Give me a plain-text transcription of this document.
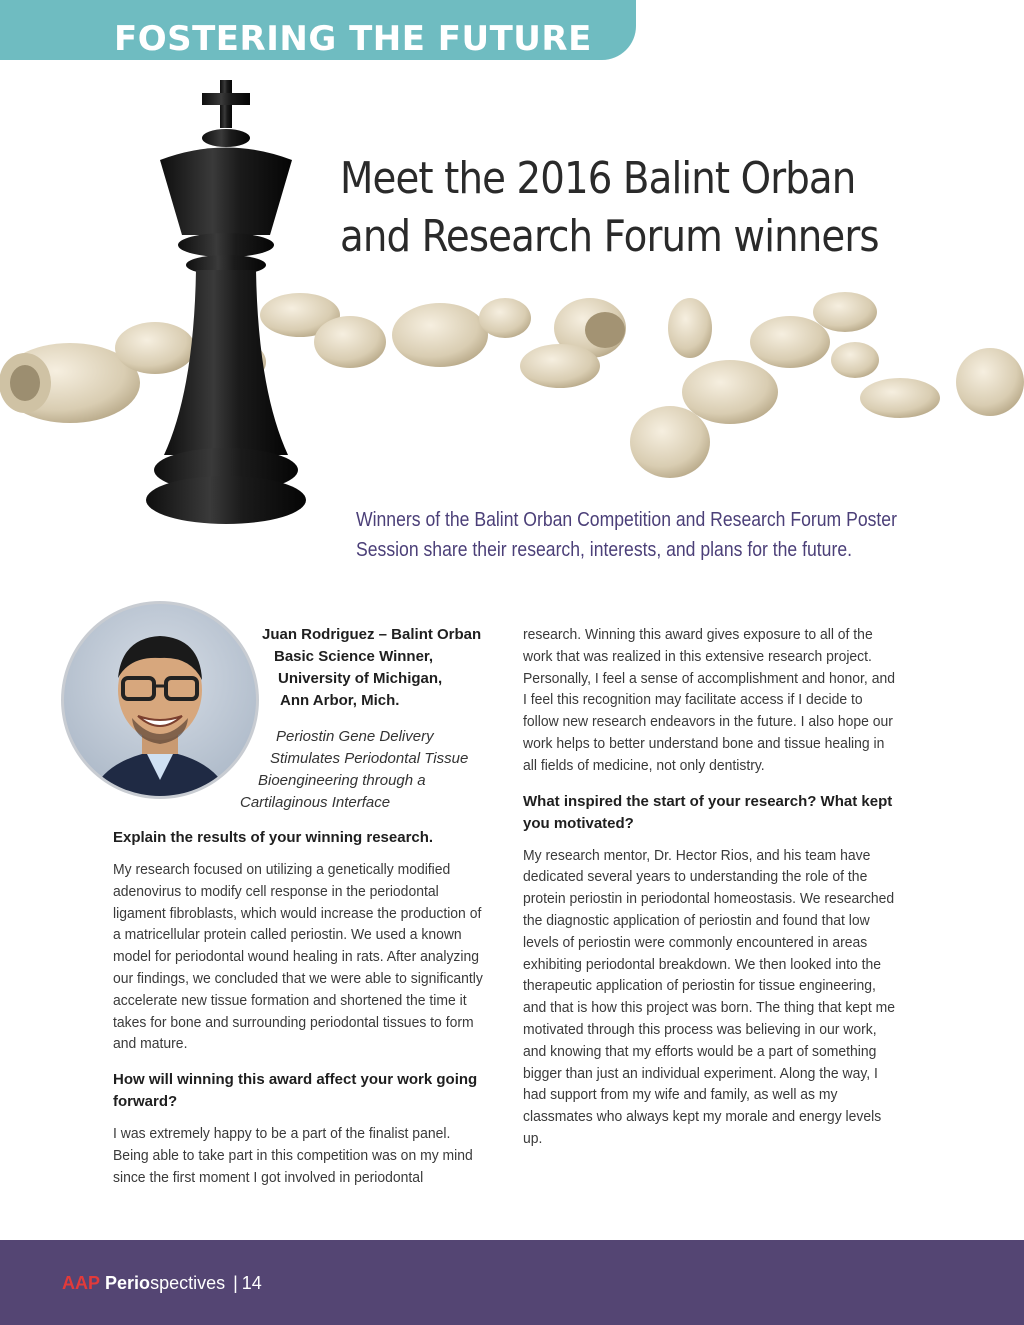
FOSTERING THE FUTURE
Meet the 2016 Balint Orban
and Research Forum winners

Winners of the Balint Orban Competition and Research Forum Poster
Session share their research, interests, and plans for the future.

Juan Rodriguez – Balint Orban
Basic Science Winner,
University of Michigan,
Ann Arbor, Mich.
Periostin Gene Delivery
Stimulates Periodontal Tissue
Bioengineering through a
Cartilaginous Interface

Explain the results of your winning research.

My research focused on utilizing a genetically modified adenovirus to modify cell response in the periodontal ligament fibroblasts, which would increase the production of a matricellular protein called periostin. We used a known model for periodontal wound healing in rats. After analyzing our findings, we concluded that we were able to significantly accelerate new tissue formation and shortened the time it takes for bone and surrounding periodontal tissues to form and mature.

How will winning this award affect your work going forward?

I was extremely happy to be a part of the finalist panel. Being able to take part in this competition was on my mind since the first moment I got involved in periodontal

research. Winning this award gives exposure to all of the work that was realized in this extensive research project. Personally, I feel a sense of accomplishment and honor, and I feel this recognition may facilitate access if I decide to follow new research endeavors in the future. I also hope our work helps to better understand bone and tissue healing in all fields of medicine, not only dentistry.

What inspired the start of your research? What kept you motivated?

My research mentor, Dr. Hector Rios, and his team have dedicated several years to understanding the role of the protein periostin in periodontal homeostasis. We researched the diagnostic application of periostin and found that low levels of periostin were commonly encountered in areas exhibiting periodontal breakdown. We then looked into the therapeutic application of periostin for tissue engineering, and that is how this project was born. The thing that kept me motivated through this process was believing in our work, and knowing that my efforts would be a part of something bigger than just an individual experiment. Along the way, I had support from my wife and family, as well as my classmates who always kept my morale and energy levels up.

AAP Periospectives | 14
